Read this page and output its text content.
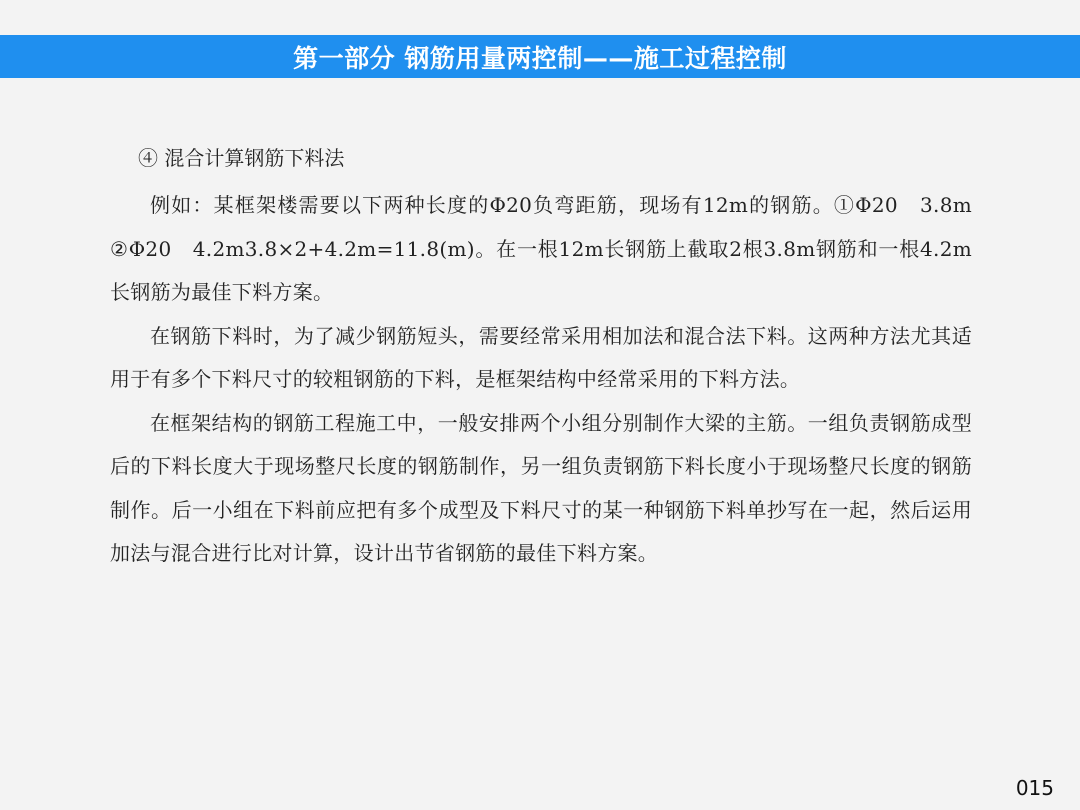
第一部分 钢筋用量两控制——施工过程控制
④ 混合计算钢筋下料法

例如：某框架楼需要以下两种长度的Φ20负弯距筋，现场有12m的钢筋。①Φ20　3.8m ②Φ20　4.2m3.8×2+4.2m=11.8(m)。在一根12m长钢筋上截取2根3.8m钢筋和一根4.2m长钢筋为最佳下料方案。

在钢筋下料时，为了减少钢筋短头，需要经常采用相加法和混合法下料。这两种方法尤其适用于有多个下料尺寸的较粗钢筋的下料，是框架结构中经常采用的下料方法。

在框架结构的钢筋工程施工中，一般安排两个小组分别制作大梁的主筋。一组负责钢筋成型后的下料长度大于现场整尺长度的钢筋制作，另一组负责钢筋下料长度小于现场整尺长度的钢筋制作。后一小组在下料前应把有多个成型及下料尺寸的某一种钢筋下料单抄写在一起，然后运用加法与混合进行比对计算，设计出节省钢筋的最佳下料方案。

015
